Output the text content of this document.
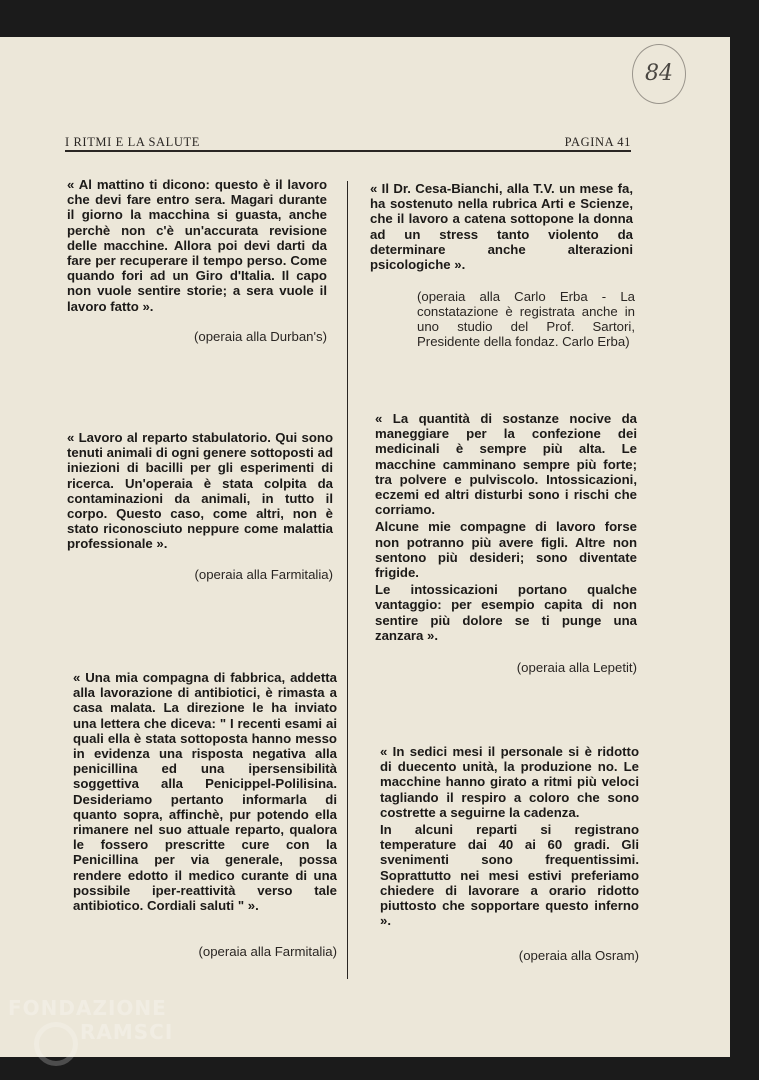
84
I RITMI E LA SALUTE	PAGINA 41

« Al mattino ti dicono: questo è il lavoro che devi fare entro sera. Magari durante il giorno la macchina si guasta, anche perchè non c'è un'accurata revisione delle macchine. Allora poi devi darti da fare per recuperare il tempo perso. Come quando fori ad un Giro d'Italia. Il capo non vuole sentire storie; a sera vuole il lavoro fatto ».

(operaia alla Durban's)

« Lavoro al reparto stabulatorio. Qui sono tenuti animali di ogni genere sottoposti ad iniezioni di bacilli per gli esperimenti di ricerca. Un'operaia è stata colpita da contaminazioni da animali, in tutto il corpo. Questo caso, come altri, non è stato riconosciuto neppure come malattia professionale ».

(operaia alla Farmitalia)

« Una mia compagna di fabbrica, addetta alla lavorazione di antibiotici, è rimasta a casa malata. La direzione le ha inviato una lettera che diceva: " I recenti esami ai quali ella è stata sottoposta hanno messo in evidenza una risposta negativa alla penicillina ed una ipersensibilità soggettiva alla Penicippel-Polilisina. Desideriamo pertanto informarla di quanto sopra, affinchè, pur potendo ella rimanere nel suo attuale reparto, qualora le fossero prescritte cure con la Penicillina per via generale, possa rendere edotto il medico curante di una possibile iper-reattività verso tale antibiotico. Cordiali saluti " ».

(operaia alla Farmitalia)

« Il Dr. Cesa-Bianchi, alla T.V. un mese fa, ha sostenuto nella rubrica Arti e Scienze, che il lavoro a catena sottopone la donna ad un stress tanto violento da determinare anche alterazioni psicologiche ».

(operaia alla Carlo Erba - La constatazione è registrata anche in uno studio del Prof. Sartori, Presidente della fondaz. Carlo Erba)

« La quantità di sostanze nocive da maneggiare per la confezione dei medicinali è sempre più alta. Le macchine camminano sempre più forte; tra polvere e pulviscolo. Intossicazioni, eczemi ed altri disturbi sono i rischi che corriamo.

Alcune mie compagne di lavoro forse non potranno più avere figli. Altre non sentono più desideri; sono diventate frigide.

Le intossicazioni portano qualche vantaggio: per esempio capita di non sentire più dolore se ti punge una zanzara ».

(operaia alla Lepetit)

« In sedici mesi il personale si è ridotto di duecento unità, la produzione no. Le macchine hanno girato a ritmi più veloci tagliando il respiro a coloro che sono costrette a seguirne la cadenza.

In alcuni reparti si registrano temperature dai 40 ai 60 gradi. Gli svenimenti sono frequentissimi. Soprattutto nei mesi estivi preferiamo chiedere di lavorare a orario ridotto piuttosto che sopportare questo inferno ».

(operaia alla Osram)
FONDAZIONE
RAMSCI
